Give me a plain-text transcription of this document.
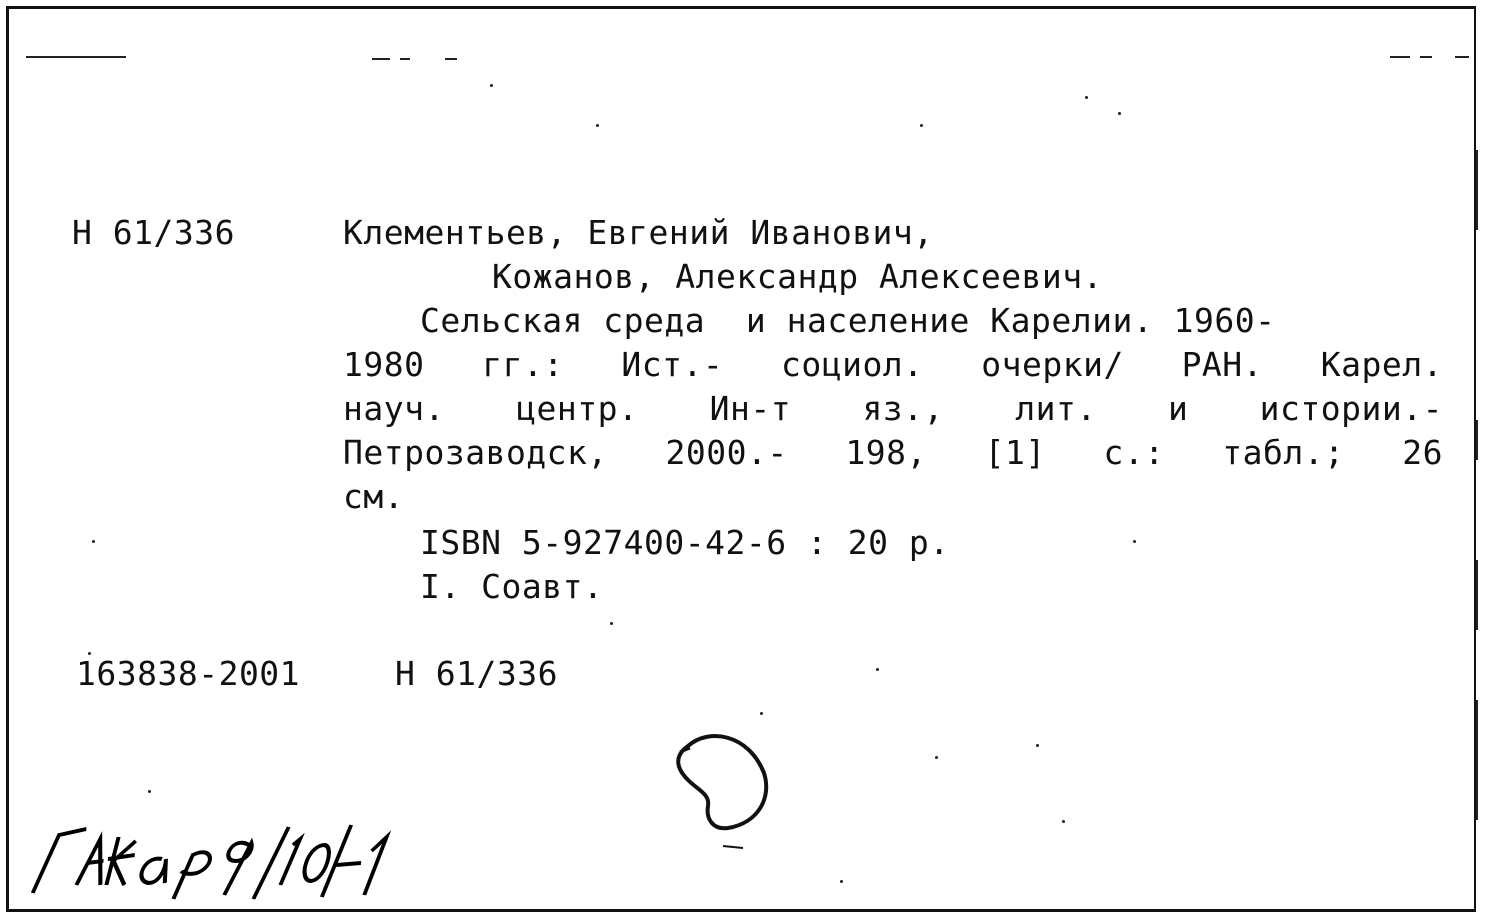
Н 61/336	Клементьев, Евгений Иванович,
Кожанов, Александр Алексеевич.
Сельская среда  и население Карелии. 1960-
1980 гг.: Ист.- социол. очерки/ РАН. Карел.
науч. центр. Ин-т яз., лит. и истории.-
Петрозаводск, 2000.- 198, [1] с.: табл.; 26
см.
ISBN 5-927400-42-6 : 20 р.
I. Соавт.
163838-2001	Н 61/336
